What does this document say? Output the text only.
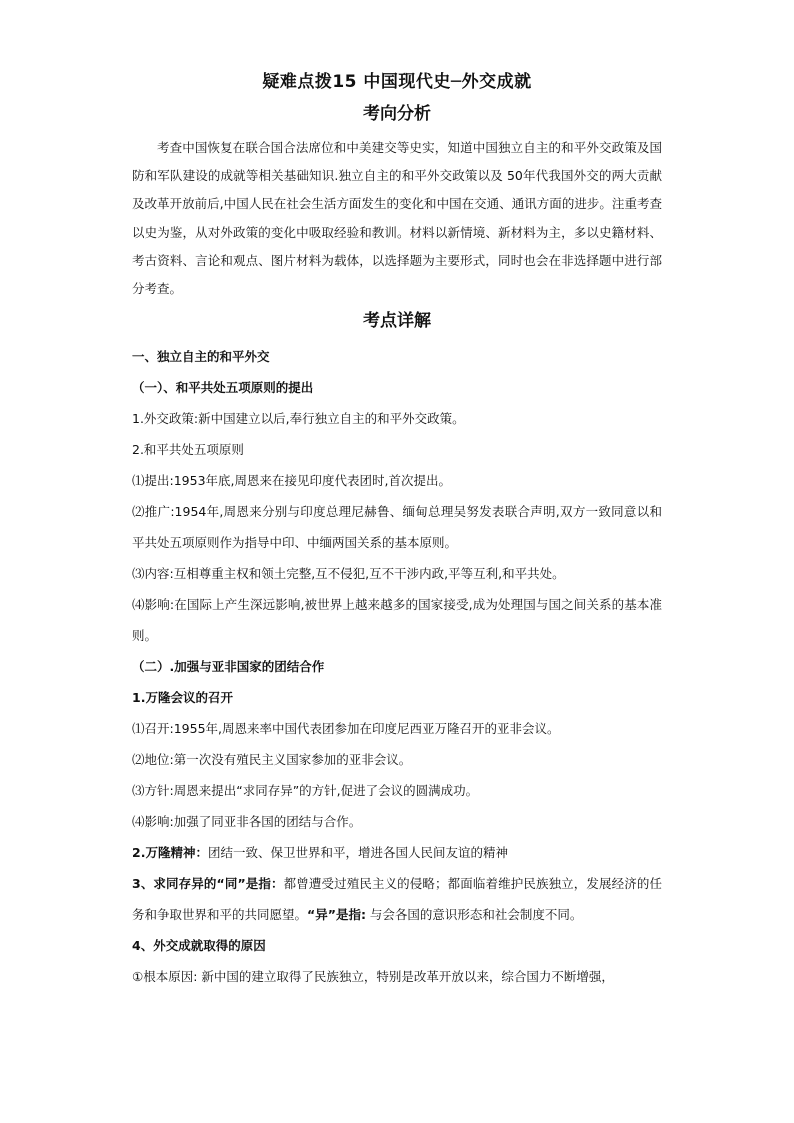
疑难点拨15 中国现代史─外交成就
考向分析

考查中国恢复在联合国合法席位和中美建交等史实，知道中国独立自主的和平外交政策及国防和军队建设的成就等相关基础知识.独立自主的和平外交政策以及 50年代我国外交的两大贡献及改革开放前后,中国人民在社会生活方面发生的变化和中国在交通、通讯方面的进步。注重考查以史为鉴，从对外政策的变化中吸取经验和教训。材料以新情境、新材料为主，多以史籍材料、考古资料、言论和观点、图片材料为载体，以选择题为主要形式，同时也会在非选择题中进行部分考查。

考点详解

一、独立自主的和平外交

（一）、和平共处五项原则的提出

1.外交政策:新中国建立以后,奉行独立自主的和平外交政策。

2.和平共处五项原则

⑴提出:1953年底,周恩来在接见印度代表团时,首次提出。

⑵推广:1954年,周恩来分别与印度总理尼赫鲁、缅甸总理吴努发表联合声明,双方一致同意以和平共处五项原则作为指导中印、中缅两国关系的基本原则。

⑶内容:互相尊重主权和领土完整,互不侵犯,互不干涉内政,平等互利,和平共处。

⑷影响:在国际上产生深远影响,被世界上越来越多的国家接受,成为处理国与国之间关系的基本准则。

（二）.加强与亚非国家的团结合作

1.万隆会议的召开

⑴召开:1955年,周恩来率中国代表团参加在印度尼西亚万隆召开的亚非会议。

⑵地位:第一次没有殖民主义国家参加的亚非会议。

⑶方针:周恩来提出“求同存异”的方针,促进了会议的圆满成功。

⑷影响:加强了同亚非各国的团结与合作。

2.万隆精神：团结一致、保卫世界和平，增进各国人民间友谊的精神

3、求同存异的“同”是指：都曾遭受过殖民主义的侵略；都面临着维护民族独立，发展经济的任务和争取世界和平的共同愿望。“异”是指: 与会各国的意识形态和社会制度不同。

4、外交成就取得的原因

①根本原因: 新中国的建立取得了民族独立，特别是改革开放以来，综合国力不断增强，
